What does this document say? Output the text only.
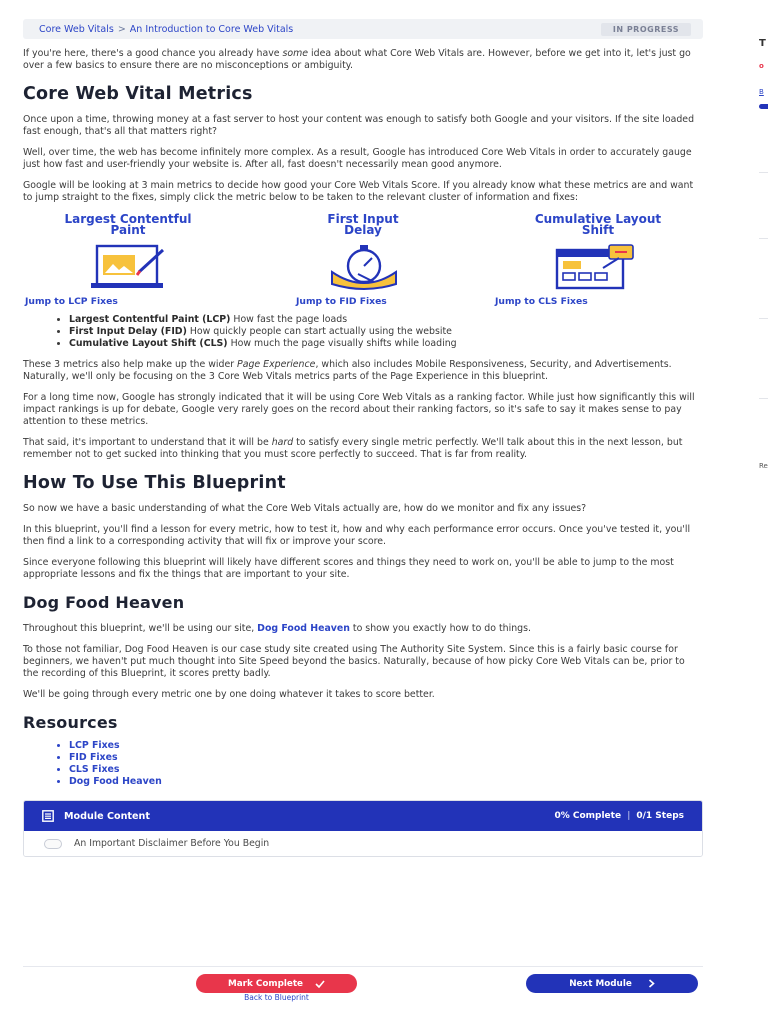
Core Web Vitals > An Introduction to Core Web Vitals	IN PROGRESS

If you're here, there's a good chance you already have some idea about what Core Web Vitals are. However, before we get into it, let's just go over a few basics to ensure there are no misconceptions or ambiguity.

Core Web Vital Metrics

Once upon a time, throwing money at a fast server to host your content was enough to satisfy both Google and your visitors. If the site loaded fast enough, that's all that matters right?

Well, over time, the web has become infinitely more complex. As a result, Google has introduced Core Web Vitals in order to accurately gauge just how fast and user-friendly your website is. After all, fast doesn't necessarily mean good anymore.

Google will be looking at 3 main metrics to decide how good your Core Web Vitals Score. If you already know what these metrics are and want to jump straight to the fixes, simply click the metric below to be taken to the relevant cluster of information and fixes:

Largest Contentful
Paint
Jump to LCP Fixes
First Input
Delay
Jump to FID Fixes
Cumulative Layout
Shift
Jump to CLS Fixes
• Largest Contentful Paint (LCP) How fast the page loads
• First Input Delay (FID) How quickly people can start actually using the website
• Cumulative Layout Shift (CLS) How much the page visually shifts while loading

These 3 metrics also help make up the wider Page Experience, which also includes Mobile Responsiveness, Security, and Advertisements. Naturally, we'll only be focusing on the 3 Core Web Vitals metrics parts of the Page Experience in this blueprint.

For a long time now, Google has strongly indicated that it will be using Core Web Vitals as a ranking factor. While just how significantly this will impact rankings is up for debate, Google very rarely goes on the record about their ranking factors, so it's safe to say it makes sense to pay attention to these metrics.

That said, it's important to understand that it will be hard to satisfy every single metric perfectly. We'll talk about this in the next lesson, but remember not to get sucked into thinking that you must score perfectly to succeed. That is far from reality.

How To Use This Blueprint

So now we have a basic understanding of what the Core Web Vitals actually are, how do we monitor and fix any issues?

In this blueprint, you'll find a lesson for every metric, how to test it, how and why each performance error occurs. Once you've tested it, you'll then find a link to a corresponding activity that will fix or improve your score.

Since everyone following this blueprint will likely have different scores and things they need to work on, you'll be able to jump to the most appropriate lessons and fix the things that are important to your site.

Dog Food Heaven

Throughout this blueprint, we'll be using our site, Dog Food Heaven to show you exactly how to do things.

To those not familiar, Dog Food Heaven is our case study site created using The Authority Site System. Since this is a fairly basic course for beginners, we haven't put much thought into Site Speed beyond the basics. Naturally, because of how picky Core Web Vitals can be, prior to the recording of this Blueprint, it scores pretty badly.

We'll be going through every metric one by one doing whatever it takes to score better.

Resources
• LCP Fixes
• FID Fixes
• CLS Fixes
• Dog Food Heaven
Module Content	0% Complete | 0/1 Steps
An Important Disclaimer Before You Begin
Mark Complete
Back to Blueprint
Next Module
T
o
B
Re
